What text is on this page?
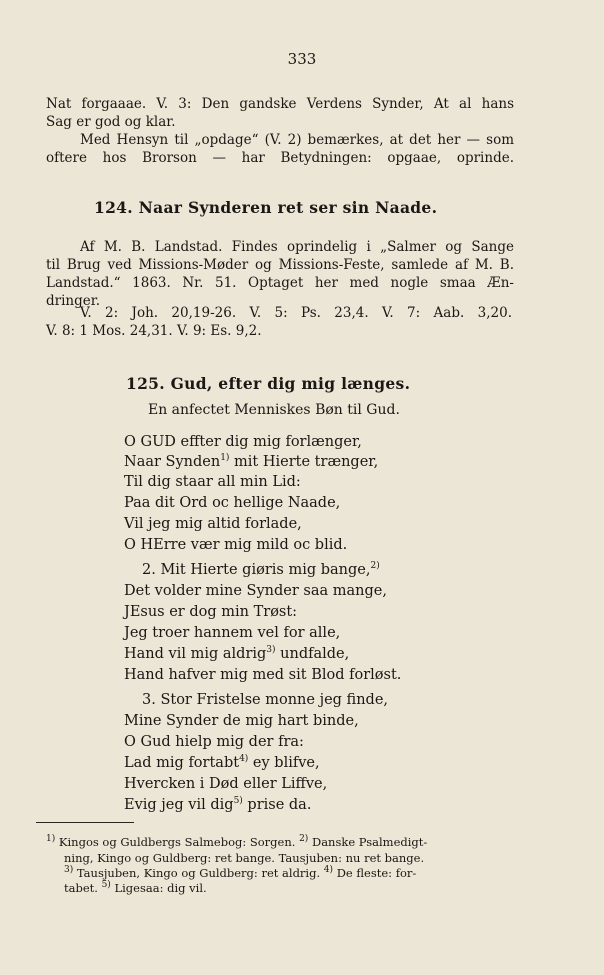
333
Nat forgaaae. V. 3: Den gandske Verdens Synder, At al hans
Sag er god og klar.
Med Hensyn til „opdage“ (V. 2) bemærkes, at det her — som
oftere hos Brorson — har Betydningen: opgaae, oprinde.
124. Naar Synderen ret ser sin Naade.
Af M. B. Landstad. Findes oprindelig i „Salmer og Sange
til Brug ved Missions-Møder og Missions-Feste, samlede af M. B.
Landstad.“ 1863. Nr. 51. Optaget her med nogle smaa Æn-
dringer.
V. 2: Joh. 20,19-26. V. 5: Ps. 23,4. V. 7: Aab. 3,20.
V. 8: 1 Mos. 24,31. V. 9: Es. 9,2.
125. Gud, efter dig mig længes.
En anfectet Menniskes Bøn til Gud.
O GUD effter dig mig forlænger,
Naar Synden$^{1)}$ mit Hierte trænger,
Til dig staar all min Lid:
Paa dit Ord oc hellige Naade,
Vil jeg mig altid forlade,
O HErre vær mig mild oc blid.
2. Mit Hierte giøris mig bange,$^{2)}$
Det volder mine Synder saa mange,
JEsus er dog min Trøst:
Jeg troer hannem vel for alle,
Hand vil mig aldrig$^{3)}$ undfalde,
Hand hafver mig med sit Blod forløst.
3. Stor Fristelse monne jeg finde,
Mine Synder de mig hart binde,
O Gud hielp mig der fra:
Lad mig fortabt$^{4)}$ ey blifve,
Hvercken i Død eller Liffve,
Evig jeg vil dig$^{5)}$ prise da.
$^{1)}$ Kingos og Guldbergs Salmebog: Sorgen. $^{2)}$ Danske Psalmedigt-
ning, Kingo og Guldberg: ret bange. Tausjuben: nu ret bange.
$^{3)}$ Tausjuben, Kingo og Guldberg: ret aldrig. $^{4)}$ De fleste: for-
tabet. $^{5)}$ Ligesaa: dig vil.
